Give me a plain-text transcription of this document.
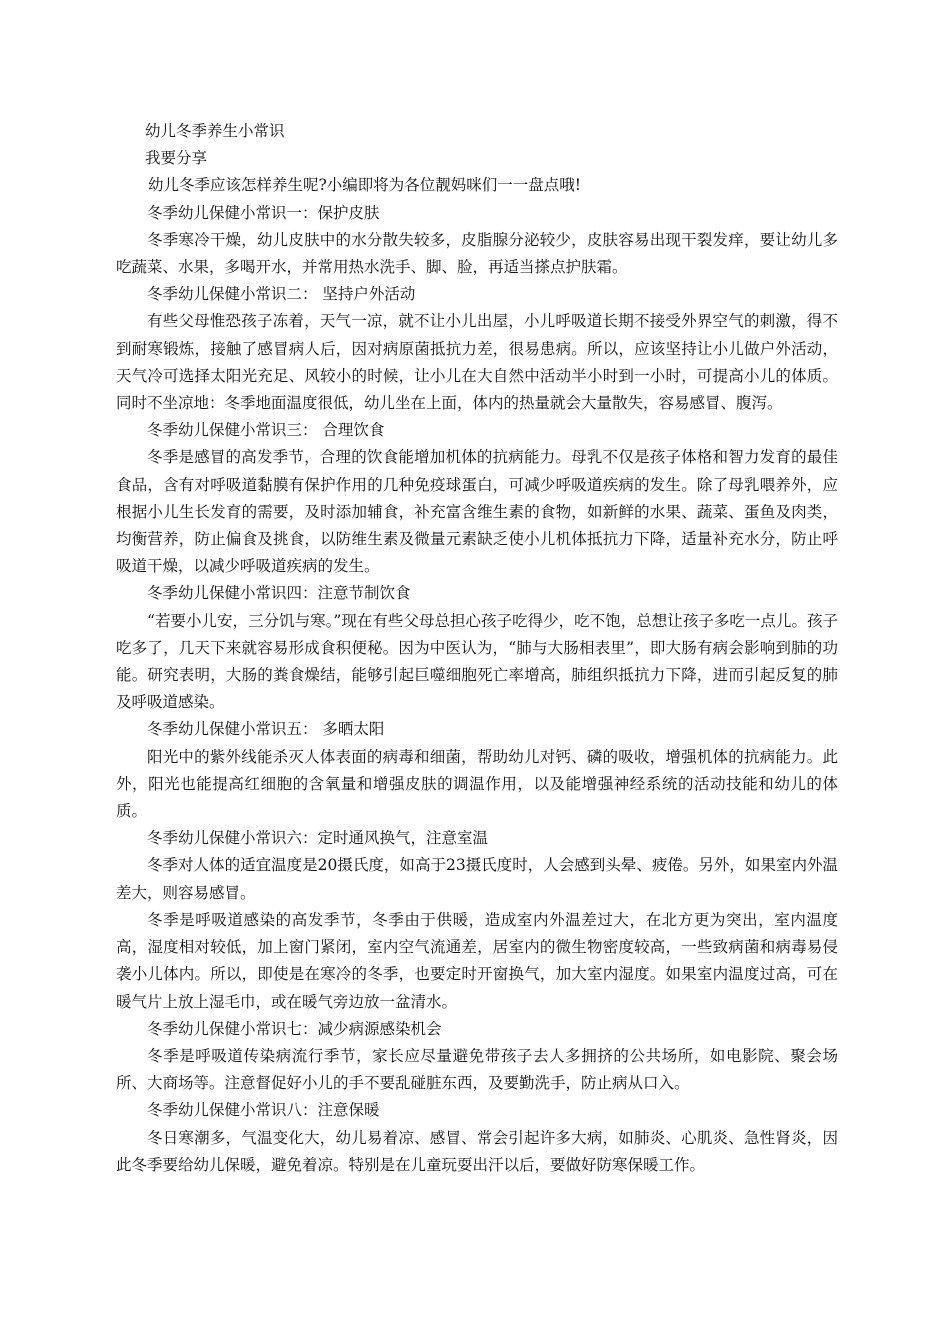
幼儿冬季养生小常识
我要分享
幼儿冬季应该怎样养生呢?小编即将为各位靓妈咪们一一盘点哦!
冬季幼儿保健小常识一：保护皮肤

冬季寒冷干燥，幼儿皮肤中的水分散失较多，皮脂腺分泌较少，皮肤容易出现干裂发痒，要让幼儿多吃蔬菜、水果，多喝开水，并常用热水洗手、脚、脸，再适当搽点护肤霜。

冬季幼儿保健小常识二： 坚持户外活动

有些父母惟恐孩子冻着，天气一凉，就不让小儿出屋，小儿呼吸道长期不接受外界空气的刺激，得不到耐寒锻炼，接触了感冒病人后，因对病原菌抵抗力差，很易患病。所以，应该坚持让小儿做户外活动，天气冷可选择太阳光充足、风较小的时候，让小儿在大自然中活动半小时到一小时，可提高小儿的体质。同时不坐凉地：冬季地面温度很低，幼儿坐在上面，体内的热量就会大量散失，容易感冒、腹泻。

冬季幼儿保健小常识三： 合理饮食

冬季是感冒的高发季节，合理的饮食能增加机体的抗病能力。母乳不仅是孩子体格和智力发育的最佳食品，含有对呼吸道黏膜有保护作用的几种免疫球蛋白，可减少呼吸道疾病的发生。除了母乳喂养外，应根据小儿生长发育的需要，及时添加辅食，补充富含维生素的食物，如新鲜的水果、蔬菜、蛋鱼及肉类，均衡营养，防止偏食及挑食，以防维生素及微量元素缺乏使小儿机体抵抗力下降，适量补充水分，防止呼吸道干燥，以减少呼吸道疾病的发生。

冬季幼儿保健小常识四：注意节制饮食

“若要小儿安，三分饥与寒。”现在有些父母总担心孩子吃得少，吃不饱，总想让孩子多吃一点儿。孩子吃多了，几天下来就容易形成食积便秘。因为中医认为，“肺与大肠相表里”，即大肠有病会影响到肺的功能。研究表明，大肠的粪食燥结，能够引起巨噬细胞死亡率增高，肺组织抵抗力下降，进而引起反复的肺及呼吸道感染。

冬季幼儿保健小常识五： 多晒太阳

阳光中的紫外线能杀灭人体表面的病毒和细菌，帮助幼儿对钙、磷的吸收，增强机体的抗病能力。此外，阳光也能提高红细胞的含氧量和增强皮肤的调温作用，以及能增强神经系统的活动技能和幼儿的体质。

冬季幼儿保健小常识六：定时通风换气，注意室温

冬季对人体的适宜温度是20摄氏度，如高于23摄氏度时，人会感到头晕、疲倦。另外，如果室内外温差大，则容易感冒。

冬季是呼吸道感染的高发季节，冬季由于供暖，造成室内外温差过大，在北方更为突出，室内温度高，湿度相对较低，加上窗门紧闭，室内空气流通差，居室内的微生物密度较高，一些致病菌和病毒易侵袭小儿体内。所以，即使是在寒冷的冬季，也要定时开窗换气，加大室内湿度。如果室内温度过高，可在暖气片上放上湿毛巾，或在暖气旁边放一盆清水。

冬季幼儿保健小常识七：减少病源感染机会

冬季是呼吸道传染病流行季节，家长应尽量避免带孩子去人多拥挤的公共场所，如电影院、聚会场所、大商场等。注意督促好小儿的手不要乱碰脏东西，及要勤洗手，防止病从口入。

冬季幼儿保健小常识八：注意保暖

冬日寒潮多，气温变化大，幼儿易着凉、感冒、常会引起许多大病，如肺炎、心肌炎、急性肾炎，因此冬季要给幼儿保暖，避免着凉。特别是在儿童玩耍出汗以后，要做好防寒保暖工作。
